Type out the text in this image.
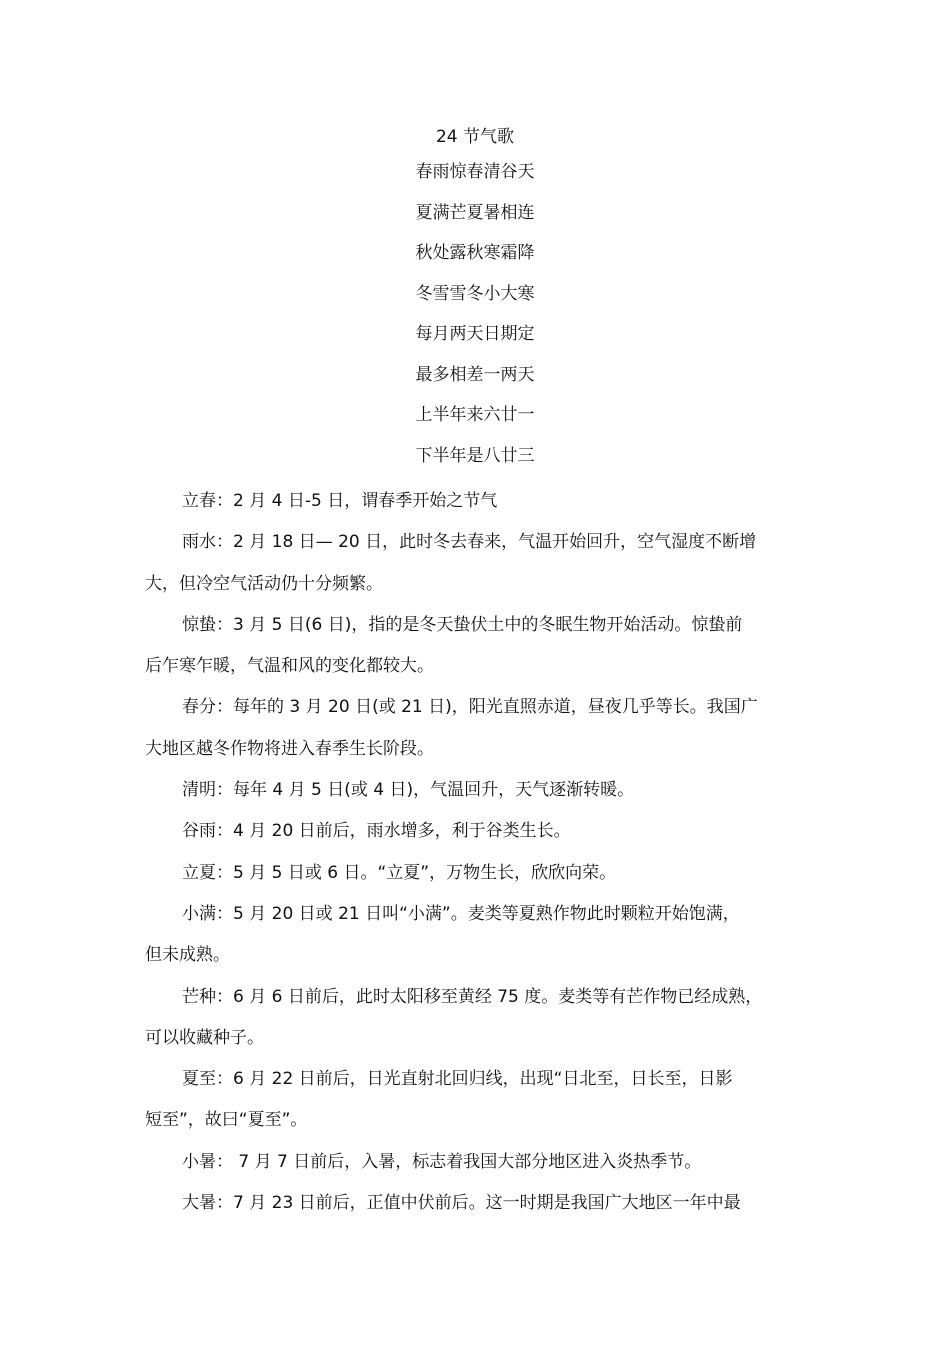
24 节气歌
春雨惊春清谷天
夏满芒夏暑相连
秋处露秋寒霜降
冬雪雪冬小大寒
每月两天日期定
最多相差一两天
上半年来六廿一
下半年是八廿三

立春：2 月 4 日-5 日，谓春季开始之节气

雨水：2 月 18 日— 20 日，此时冬去春来，气温开始回升，空气湿度不断增
大，但冷空气活动仍十分频繁。

惊蛰：3 月 5 日(6 日)，指的是冬天蛰伏土中的冬眠生物开始活动。惊蛰前
后乍寒乍暖，气温和风的变化都较大。

春分：每年的 3 月 20 日(或 21 日)，阳光直照赤道，昼夜几乎等长。我国广
大地区越冬作物将进入春季生长阶段。

清明：每年 4 月 5 日(或 4 日)，气温回升，天气逐渐转暖。

谷雨：4 月 20 日前后，雨水增多，利于谷类生长。

立夏：5 月 5 日或 6 日。“立夏”，万物生长，欣欣向荣。

小满：5 月 20 日或 21 日叫“小满”。麦类等夏熟作物此时颗粒开始饱满，
但未成熟。

芒种：6 月 6 日前后，此时太阳移至黄经 75 度。麦类等有芒作物已经成熟，
可以收藏种子。

夏至：6 月 22 日前后，日光直射北回归线，出现“日北至，日长至，日影
短至”，故曰“夏至”。

小暑： 7 月 7 日前后，入暑，标志着我国大部分地区进入炎热季节。

大暑：7 月 23 日前后，正值中伏前后。这一时期是我国广大地区一年中最
